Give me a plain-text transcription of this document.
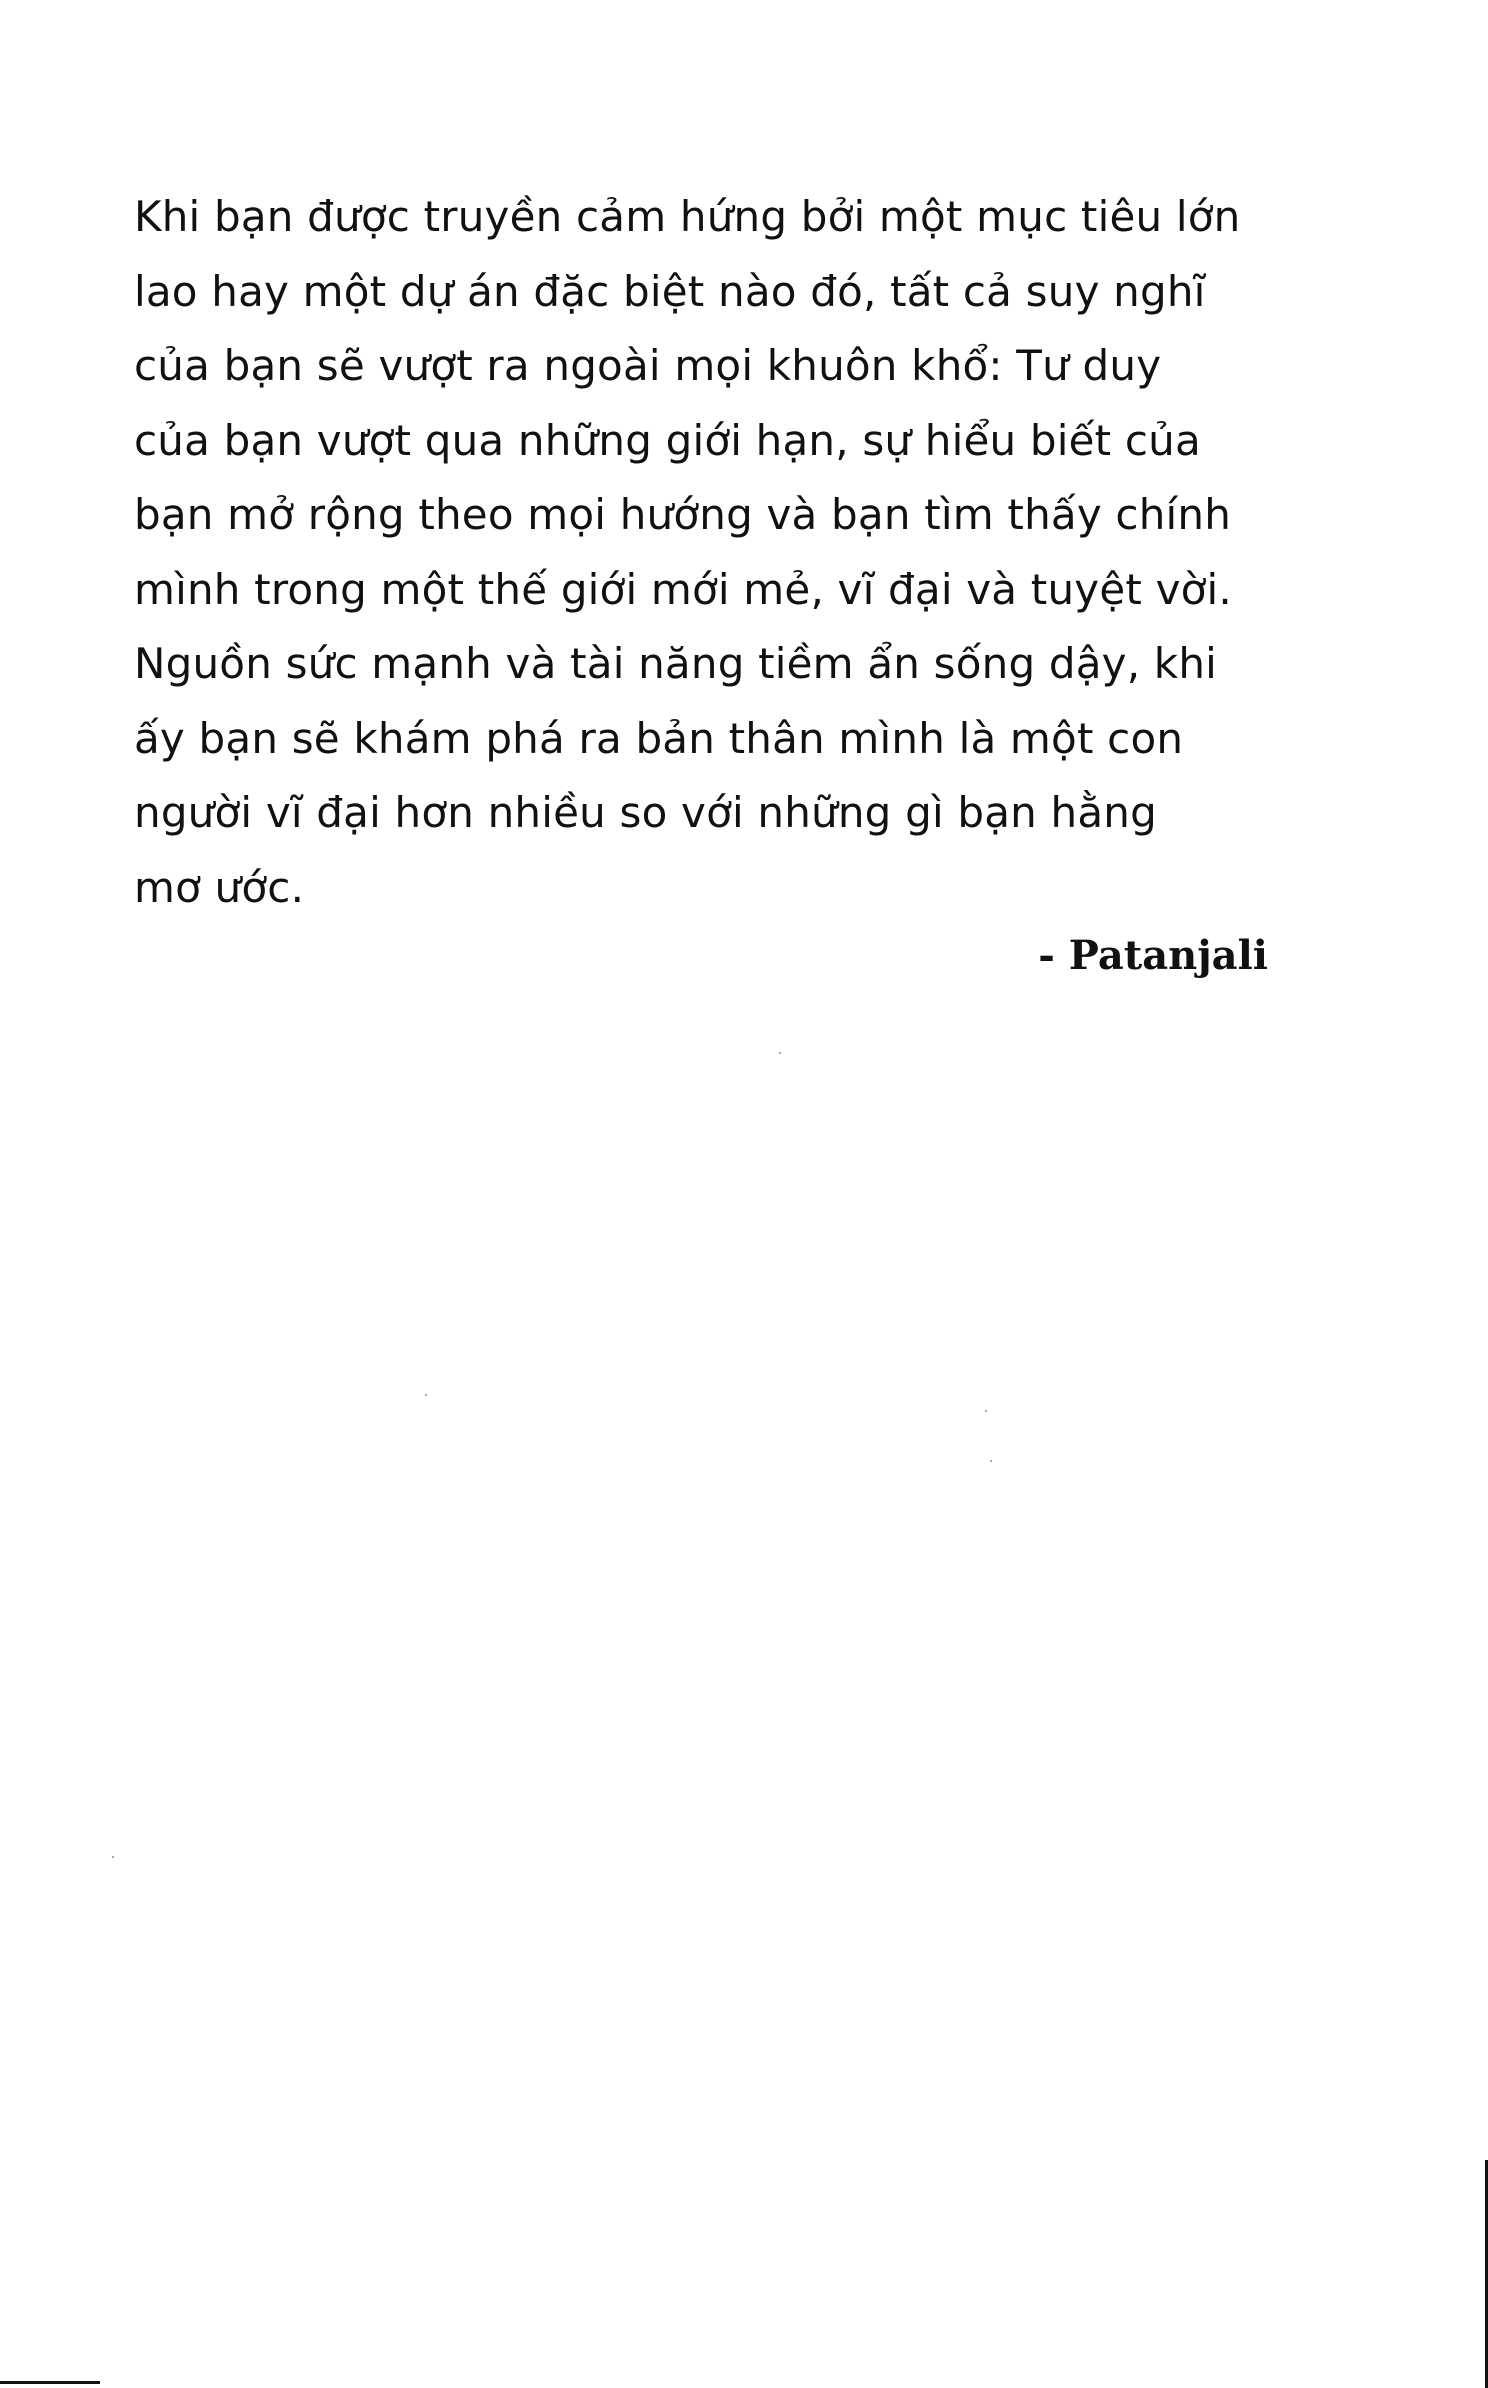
Khi bạn được truyền cảm hứng bởi một mục tiêu lớn
lao hay một dự án đặc biệt nào đó, tất cả suy nghĩ
của bạn sẽ vượt ra ngoài mọi khuôn khổ: Tư duy
của bạn vượt qua những giới hạn, sự hiểu biết của
bạn mở rộng theo mọi hướng và bạn tìm thấy chính
mình trong một thế giới mới mẻ, vĩ đại và tuyệt vời.
Nguồn sức mạnh và tài năng tiềm ẩn sống dậy, khi
ấy bạn sẽ khám phá ra bản thân mình là một con
người vĩ đại hơn nhiều so với những gì bạn hằng
mơ ước.
- Patanjali
